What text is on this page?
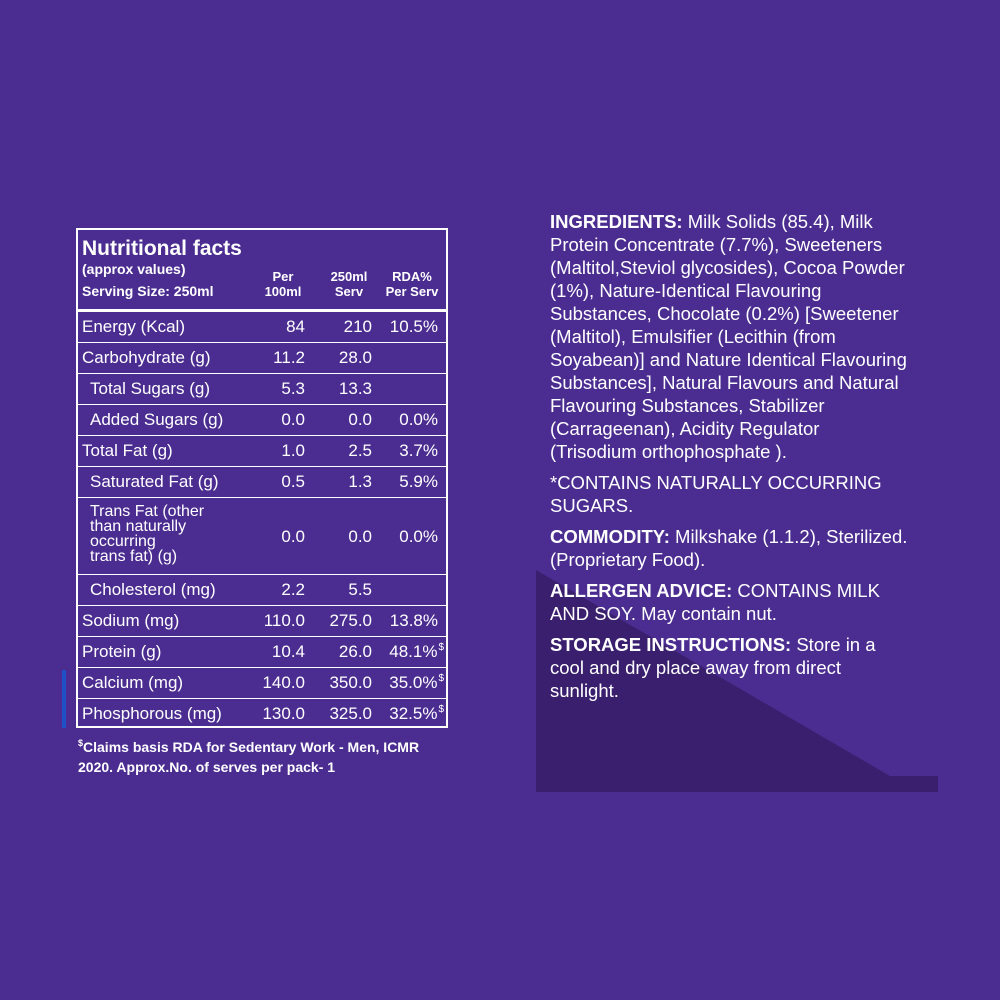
Nutritional facts
(approx values)
Serving Size: 250ml
Per
100ml
250ml
Serv
RDA%
Per Serv
Energy (Kcal)	84 210 10.5%
Carbohydrate (g)	11.2 28.0
Total Sugars (g)	5.3 13.3
Added Sugars (g)	0.0	0.0 0.0%
Total Fat (g)	1.0	2.5 3.7%
Saturated Fat (g)	0.5	1.3 5.9%
Trans Fat (other
than naturally
occurring
trans fat) (g)
0.0	0.0 0.0%
Cholesterol (mg)	2.2	5.5
Sodium (mg)	110.0 275.0 13.8%
Protein (g)	10.4 26.0 48.1%$
Calcium (mg)	140.0 350.0 35.0%$
Phosphorous (mg) 130.0 325.0 32.5%$
$Claims basis RDA for Sedentary Work - Men, ICMR 2020. Approx.No. of serves per pack- 1

INGREDIENTS: Milk Solids (85.4), Milk Protein Concentrate (7.7%), Sweeteners (Maltitol,Steviol glycosides), Cocoa Powder (1%), Nature-Identical Flavouring Substances, Chocolate (0.2%) [Sweetener (Maltitol), Emulsifier (Lecithin (from Soyabean)] and Nature Identical Flavouring Substances], Natural Flavours and Natural Flavouring Substances, Stabilizer (Carrageenan), Acidity Regulator (Trisodium orthophosphate ).

*CONTAINS NATURALLY OCCURRING SUGARS.

COMMODITY: Milkshake (1.1.2), Sterilized. (Proprietary Food).

ALLERGEN ADVICE: CONTAINS MILK AND SOY. May contain nut.

STORAGE INSTRUCTIONS: Store in a cool and dry place away from direct sunlight.
